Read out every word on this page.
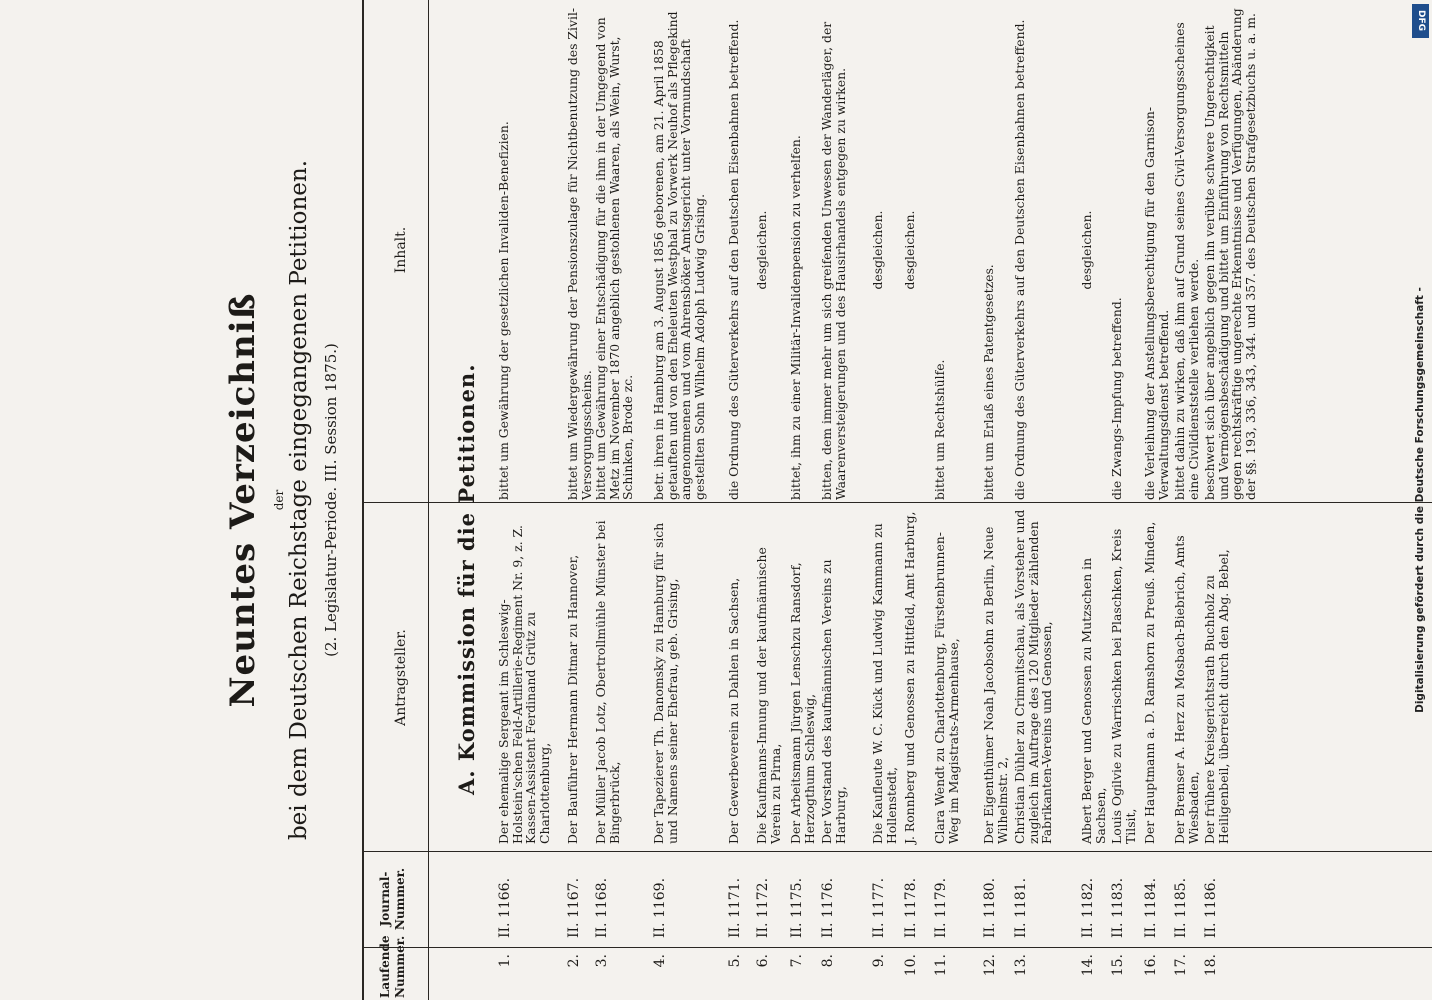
Neuntes Verzeichniß der bei dem Deutschen Reichstage eingegangenen Petitionen. (2. Legislatur-Periode. III. Session 1875.)
Laufende Nummer.
Journal-Nummer.
Antragsteller.
Inhalt.
A. Kommission für die Petitionen.
1.
II. 1166.
Der ehemalige Sergeant im Schleswig-Holstein'schen Feld-Artillerie-Regiment Nr. 9, z. Z. Kassen-Assistent Ferdinand Grütz zu Charlottenburg,
bittet um Gewährung der gesetzlichen Invaliden-Benefizien.
2.
II. 1167.
Der Bauführer Hermann Ditmar zu Hannover,
bittet um Wiedergewährung der Pensionszulage für Nichtbenutzung des Zivil-Versorgungsscheins.
3.
II. 1168.
Der Müller Jacob Lotz, Obertrollmühle Münster bei Bingerbrück,
bittet um Gewährung einer Entschädigung für die ihm in der Umgegend von Metz im November 1870 angeblich gestohlenen Waaren, als Wein, Wurst, Schinken, Brode zc.
4.
II. 1169.
Der Tapezierer Th. Danomsky zu Hamburg für sich und Namens seiner Ehefrau, geb. Grising,
betr. ihren in Hamburg am 3. August 1856 geborenen, am 21. April 1858 getauften und von den Eheleuten Westphal zu Vorwerk Neuhof als Pflegekind angenommenen und vom Ahrensböker Amtsgericht unter Vormundschaft gestellten Sohn Wilhelm Adolph Ludwig Grising.
5.
II. 1171.
Der Gewerbeverein zu Dahlen in Sachsen,
die Ordnung des Güterverkehrs auf den Deutschen Eisenbahnen betreffend.
6.
II. 1172.
Die Kaufmanns-Innung und der kaufmännische Verein zu Pirna,
desgleichen.
7.
II. 1175.
Der Arbeitsmann Jürgen Lenschzu Ransdorf, Herzogthum Schleswig,
bittet, ihm zu einer Militär-Invalidenpension zu verhelfen.
8.
II. 1176.
Der Vorstand des kaufmännischen Vereins zu Harburg,
bitten, dem immer mehr um sich greifenden Unwesen der Wanderläger, der Waarenversteigerungen und des Hausirhandels entgegen zu wirken.
9.
II. 1177.
Die Kaufleute W. C. Kück und Ludwig Kammann zu Hollenstedt,
desgleichen.
10.
II. 1178.
J. Ronnberg und Genossen zu Hittfeld, Amt Harburg,
desgleichen.
11.
II. 1179.
Clara Wendt zu Charlottenburg, Fürstenbrunnen-Weg im Magistrats-Armenhause,
bittet um Rechtshülfe.
12.
II. 1180.
Der Eigenthümer Noah Jacobsohn zu Berlin, Neue Wilhelmstr. 2,
bittet um Erlaß eines Patentgesetzes.
13.
II. 1181.
Christian Dühler zu Crimmitschau, als Vorsteher und zugleich im Auftrage des 120 Mitglieder zählenden Fabrikanten-Vereins und Genossen,
die Ordnung des Güterverkehrs auf den Deutschen Eisenbahnen betreffend.
14.
II. 1182.
Albert Berger und Genossen zu Mutzschen in Sachsen,
desgleichen.
15.
II. 1183.
Louis Ogilvie zu Warrischken bei Plaschken, Kreis Tilsit,
die Zwangs-Impfung betreffend.
16.
II. 1184.
Der Hauptmann a. D. Ramshorn zu Preuß. Minden,
die Verleihung der Anstellungsberechtigung für den Garnison-Verwaltungsdienst betreffend.
17.
II. 1185.
Der Bremser A. Herz zu Mosbach-Biebrich, Amts Wiesbaden,
bittet dahin zu wirken, daß ihm auf Grund seines Civil-Versorgungsscheines eine Civildienststelle verliehen werde.
18.
II. 1186.
Der frühere Kreisgerichtsrath Buchholz zu Heiligenbeil, überreicht durch den Abg. Bebel,
beschwert sich über angeblich gegen ihn verübte schwere Ungerechtigkeit und Vermögensbeschädigung und bittet um Einführung von Rechtsmitteln gegen rechtskräftige ungerechte Erkenntnisse und Verfügungen, Abänderung der §§. 193, 336, 343, 344. und 357. des Deutschen Strafgesetzbuchs u. a. m.	Digitalisierung gefördert durch die Deutsche Forschungsgemeinschaft -
DFG
